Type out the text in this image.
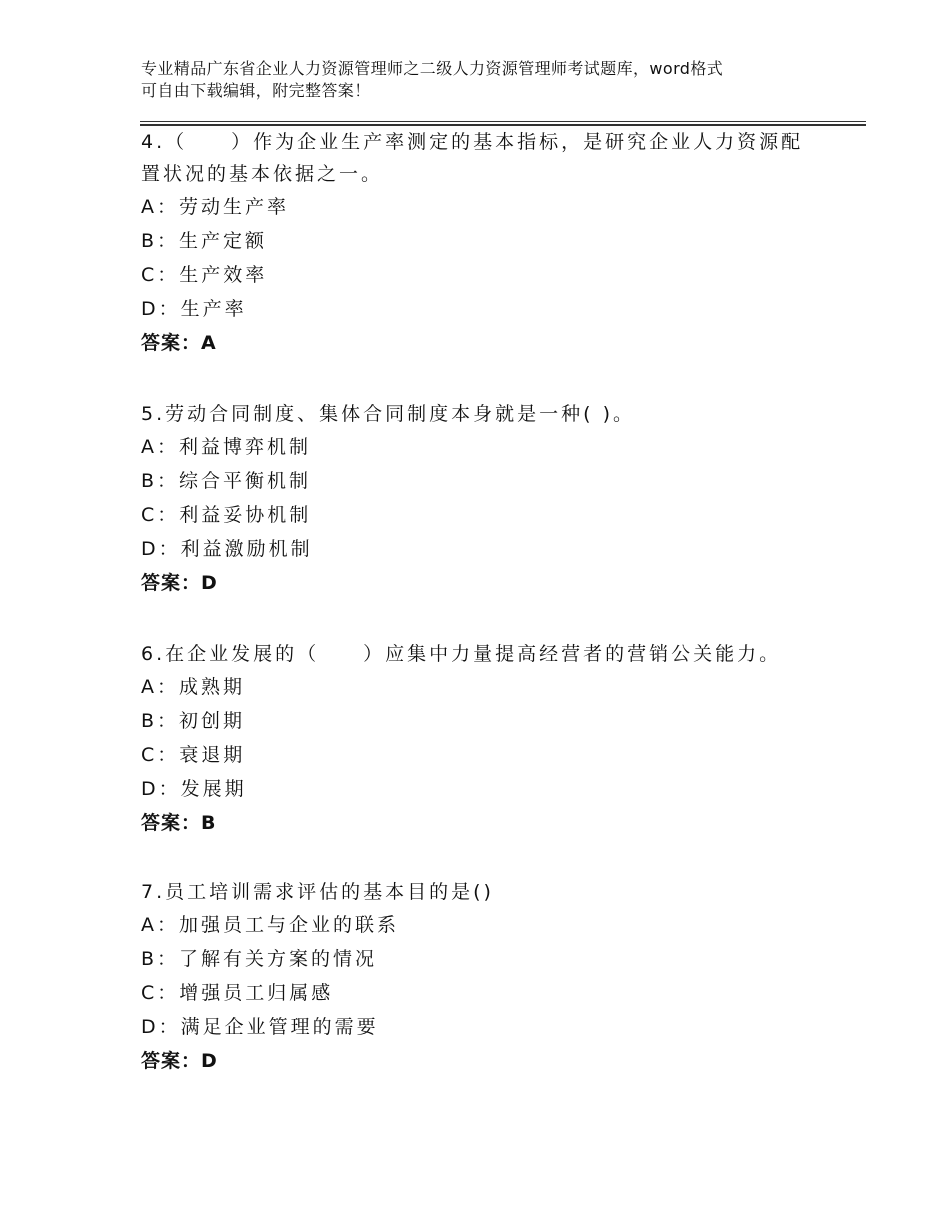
专业精品广东省企业人力资源管理师之二级人力资源管理师考试题库，word格式
可自由下载编辑，附完整答案！
4.（　　）作为企业生产率测定的基本指标，是研究企业人力资源配置状况的基本依据之一。
A：劳动生产率
B：生产定额
C：生产效率
D：生产率
答案：A
5.劳动合同制度、集体合同制度本身就是一种( )。
A：利益博弈机制
B：综合平衡机制
C：利益妥协机制
D：利益激励机制
答案：D
6.在企业发展的（　　）应集中力量提高经营者的营销公关能力。
A：成熟期
B：初创期
C：衰退期
D：发展期
答案：B
7.员工培训需求评估的基本目的是()
A：加强员工与企业的联系
B：了解有关方案的情况
C：增强员工归属感
D：满足企业管理的需要
答案：D
